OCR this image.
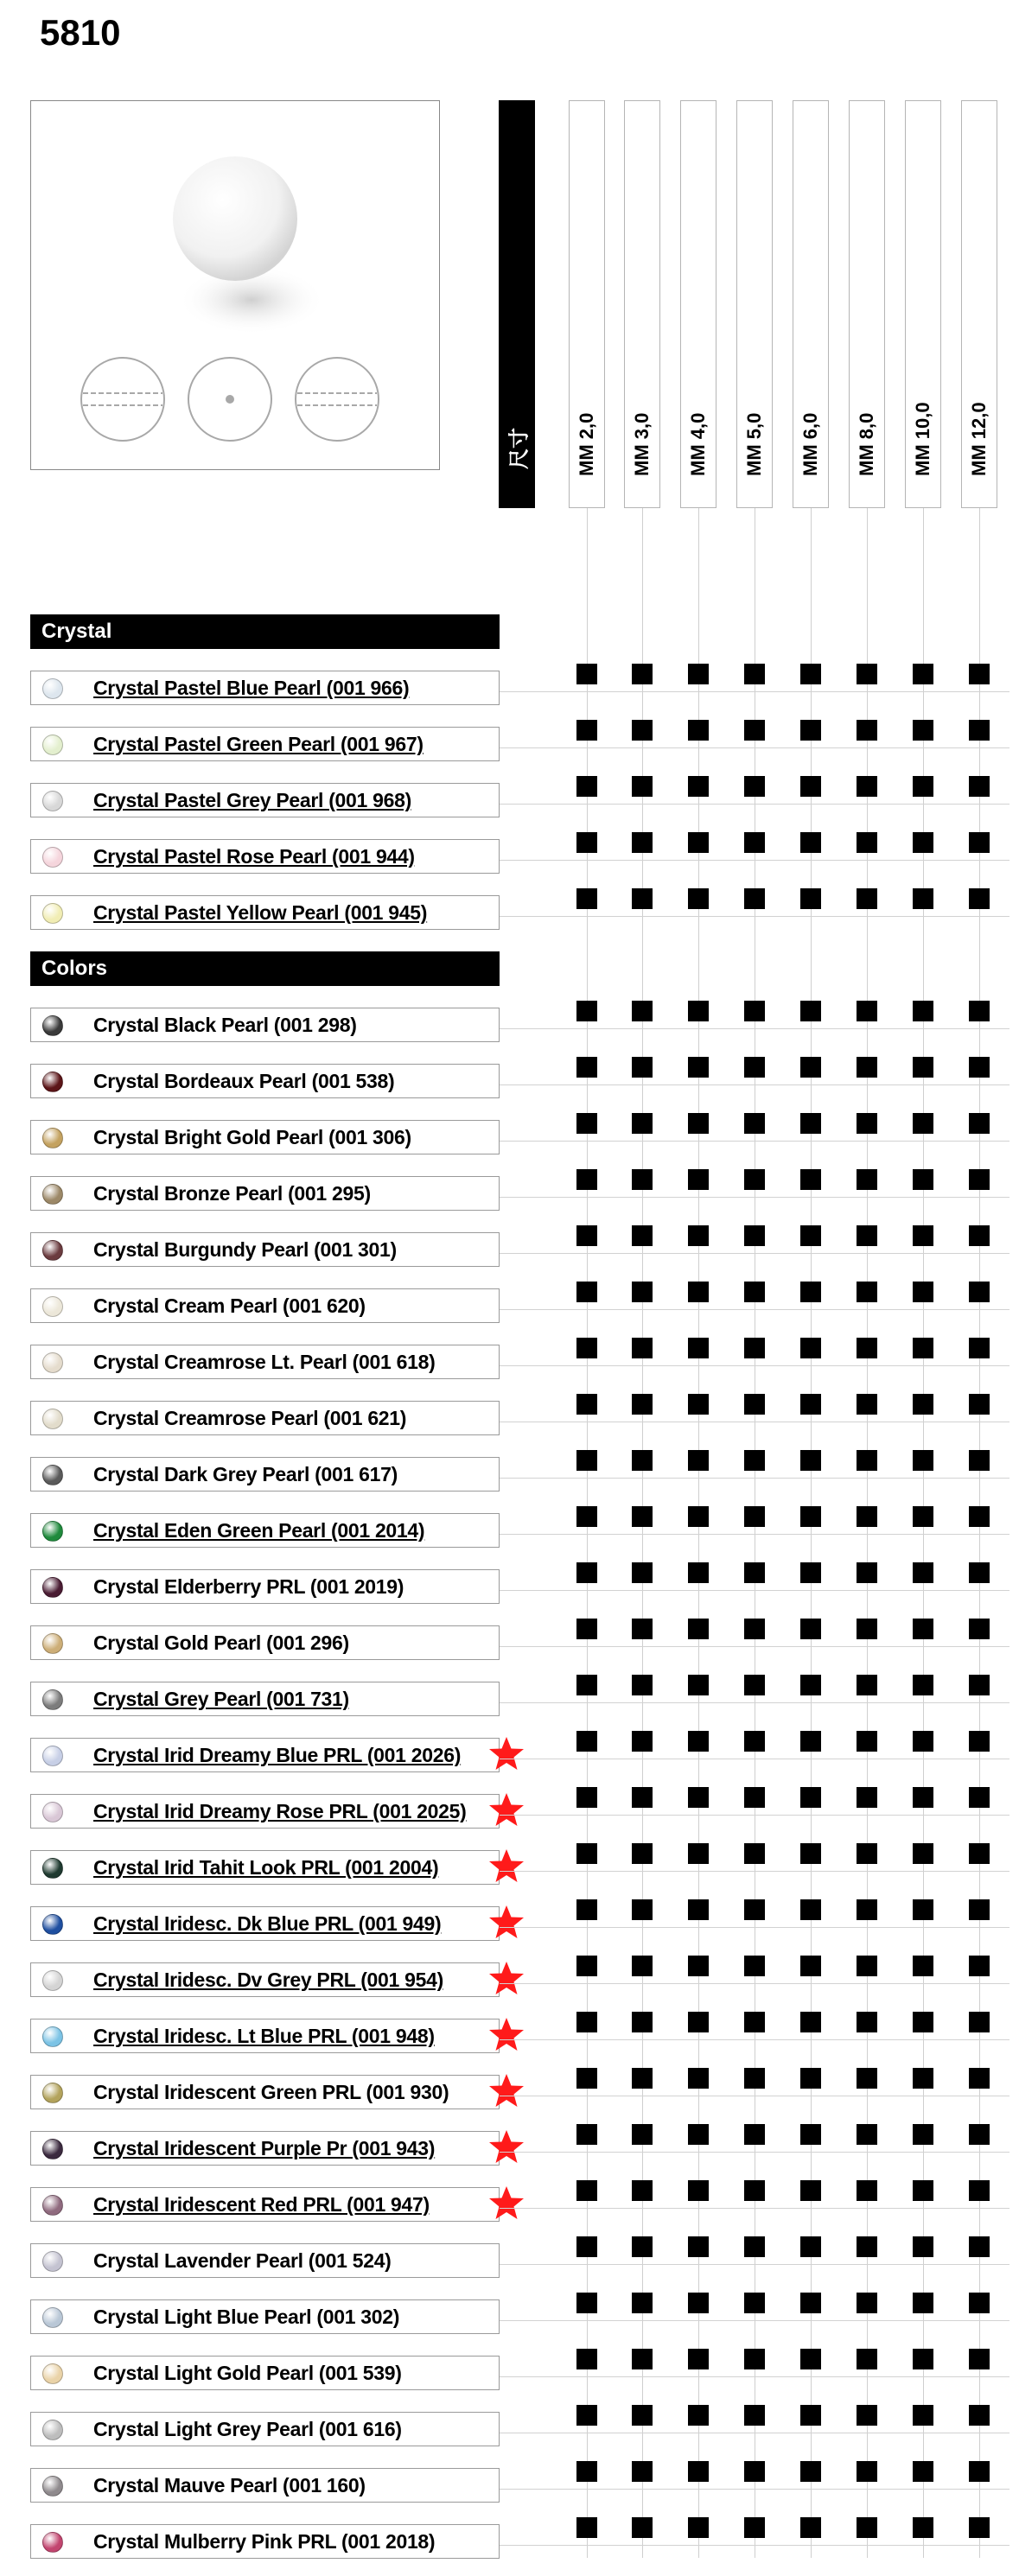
5810
尺寸 MM 2,0 MM 3,0 MM 4,0 MM 5,0 MM 6,0 MM 8,0 MM 10,0 MM 12,0
Crystal
Crystal Pastel Blue Pearl (001 966)
Crystal Pastel Green Pearl (001 967)
Crystal Pastel Grey Pearl (001 968)
Crystal Pastel Rose Pearl (001 944)
Crystal Pastel Yellow Pearl (001 945)
Colors
Crystal Black Pearl (001 298)
Crystal Bordeaux Pearl (001 538)
Crystal Bright Gold Pearl (001 306)
Crystal Bronze Pearl (001 295)
Crystal Burgundy Pearl (001 301)
Crystal Cream Pearl (001 620)
Crystal Creamrose Lt. Pearl (001 618)
Crystal Creamrose Pearl (001 621)
Crystal Dark Grey Pearl (001 617)
Crystal Eden Green Pearl (001 2014)
Crystal Elderberry PRL (001 2019)
Crystal Gold Pearl (001 296)
Crystal Grey Pearl (001 731)
Crystal Irid Dreamy Blue PRL (001 2026)
Crystal Irid Dreamy Rose PRL (001 2025)
Crystal Irid Tahit Look PRL (001 2004)
Crystal Iridesc. Dk Blue PRL (001 949)
Crystal Iridesc. Dv Grey PRL (001 954)
Crystal Iridesc. Lt Blue PRL (001 948)
Crystal Iridescent Green PRL (001 930)
Crystal Iridescent Purple Pr (001 943)
Crystal Iridescent Red PRL (001 947)
Crystal Lavender Pearl (001 524)
Crystal Light Blue Pearl (001 302)
Crystal Light Gold Pearl (001 539)
Crystal Light Grey Pearl (001 616)
Crystal Mauve Pearl (001 160)
Crystal Mulberry Pink PRL (001 2018)
